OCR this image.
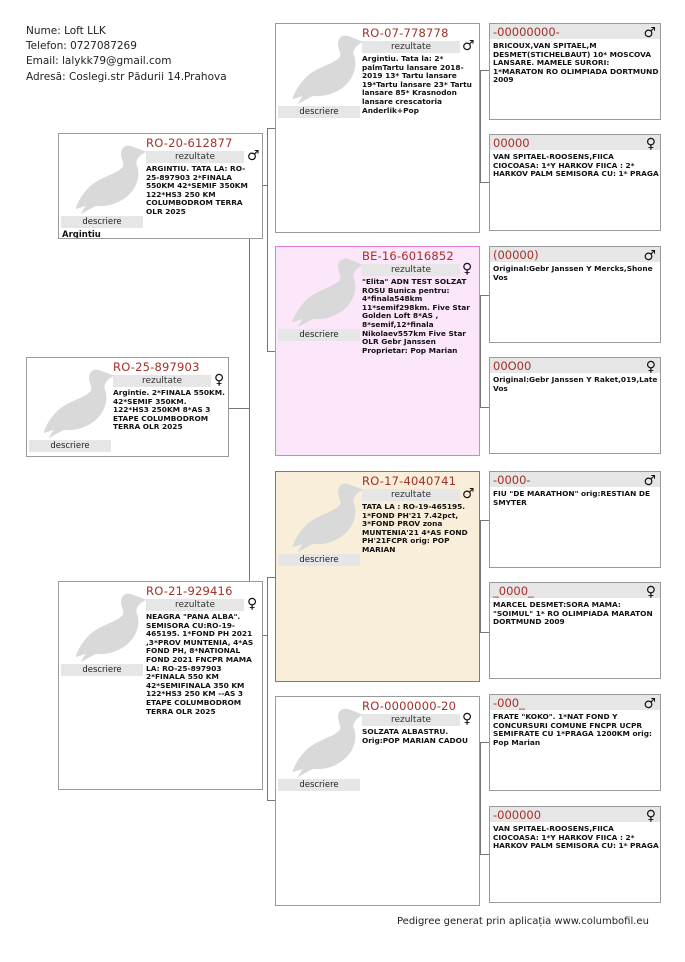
Nume: Loft LLK
Telefon: 0727087269
Email: lalykk79@gmail.com
Adresă: Coslegi.str Pădurii 14.Prahova
RO-25-897903
rezultate	♀
Argintie. 2*FINALA 550KM. 42*SEMIF 350KM. 122*HS3 250KM 8*AS 3 ETAPE COLUMBODROM TERRA OLR 2025
descriere
RO-20-612877
rezultate	♂
ARGINTIU. TATA LA: RO-25-897903 2*FINALA 550KM 42*SEMIF 350KM 122*HS3 250 KM COLUMBODROM TERRA OLR 2025
descriere
Argintiu
RO-21-929416
rezultate	♀
NEAGRA "PANA ALBA". SEMISORA CU:RO-19-465195. 1*FOND PH 2021 ,3*PROV MUNTENIA, 4*AS FOND PH, 8*NATIONAL FOND 2021 FNCPR MAMA LA: RO-25-897903 2*FINALA 550 KM 42*SEMIFINALA 350 KM 122*HS3 250 KM --AS 3 ETAPE COLUMBODROM TERRA OLR 2025
descriere
RO-07-778778
rezultate	♂
Argintiu. Tata la: 2* palmTartu lansare 2018-2019 13* Tartu lansare 19*Tartu lansare 23* Tartu lansare 85* Krasnodon lansare crescatoria Anderlik+Pop
descriere
BE-16-6016852
rezultate	♀
"Elita" ADN TEST SOLZAT ROSU Bunica pentru: 4*finala548km 11*semif298km. Five Star Golden Loft 8*AS , 8*semif,12*finala Nikolaev557km Five Star OLR Gebr Janssen Proprietar: Pop Marian
descriere
RO-17-4040741
rezultate	♂
TATA LA : RO-19-465195. 1*FOND PH'21 7.42pct, 3*FOND PROV zona MUNTENIA'21 4*AS FOND PH'21FCPR orig: POP MARIAN
descriere
RO-0000000-20
rezultate	♀
SOLZATA ALBASTRU. Orig:POP MARIAN CADOU
descriere
-00000000-	♂
BRICOUX,VAN SPITAEL,M DESMET(STICHELBAUT) 10* MOSCOVA LANSARE. MAMELE SURORI: 1*MARATON RO OLIMPIADA DORTMUND 2009
00000	♀
VAN SPITAEL-ROOSENS,FIICA CIOCOASA: 1*Y HARKOV FIICA : 2* HARKOV PALM SEMISORA CU: 1* PRAGA
(00000)	♂
Original:Gebr Janssen Y Mercks,Shone Vos
00O00	♀
Original:Gebr Janssen Y Raket,019,Late Vos
-0000-	♂
FIU "DE MARATHON" orig:RESTIAN DE SMYTER
_0000_	♀
MARCEL DESMET:SORA MAMA: "SOIMUL" 1* RO OLIMPIADA MARATON DORTMUND 2009
-000_	♂
FRATE "KOKO". 1*NAT FOND Y CONCURSURI COMUNE FNCPR UCPR SEMIFRATE CU 1*PRAGA 1200KM orig: Pop Marian
-000000	♀
VAN SPITAEL-ROOSENS,FIICA CIOCOASA: 1*Y HARKOV FIICA : 2* HARKOV PALM SEMISORA CU: 1* PRAGA
Pedigree generat prin aplicația www.columbofil.eu
